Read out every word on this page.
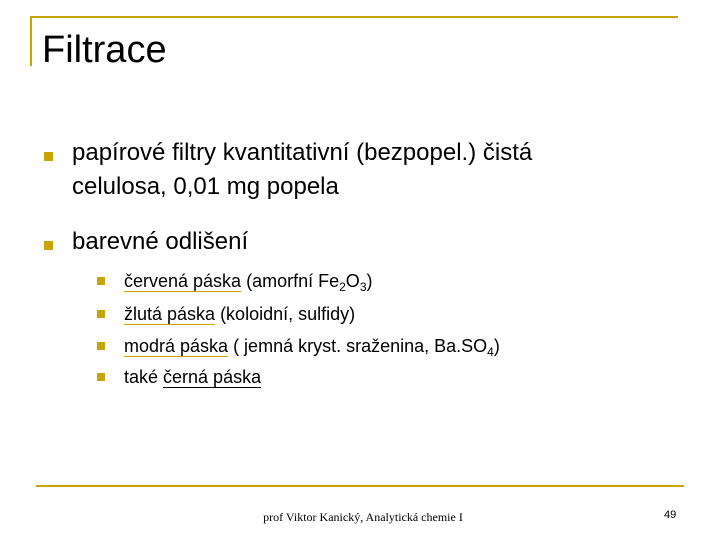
Filtrace
papírové filtry kvantitativní (bezpopel.) čistá
celulosa, 0,01 mg popela
barevné odlišení
červená páska (amorfní $Fe_2O_3$)
žlutá páska (koloidní, sulfidy)
modrá páska ( jemná kryst. sraženina, $Ba.SO_4$)
také černá páska
prof Viktor Kanický, Analytická chemie I	49
